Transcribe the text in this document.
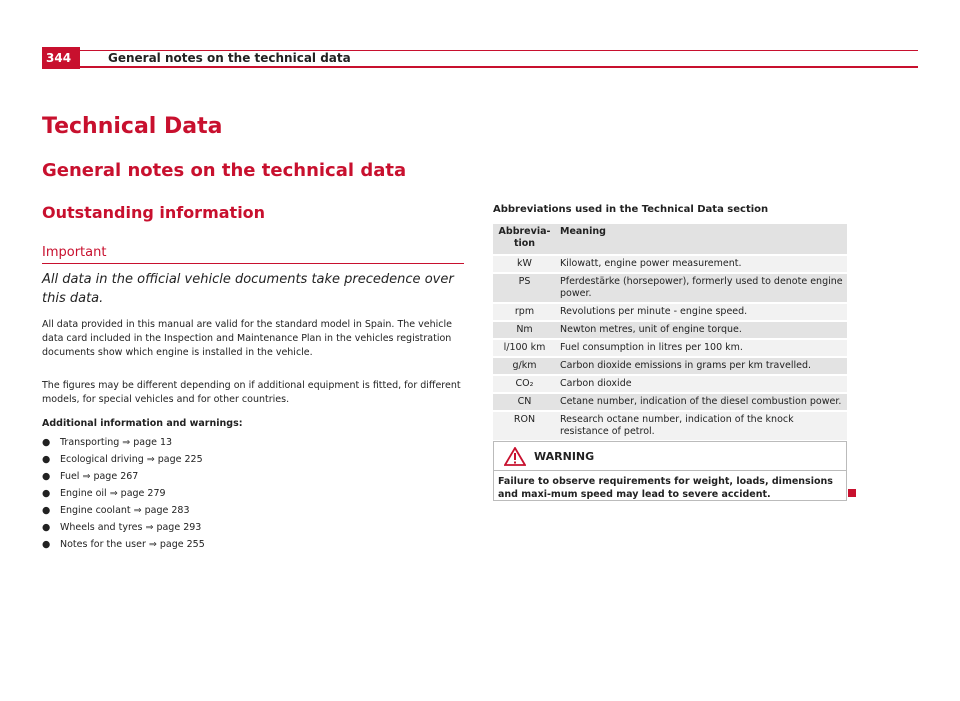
344	General notes on the technical data
Technical Data
General notes on the technical data
Outstanding information
Important
All data in the official vehicle documents take precedence over this data.
All data provided in this manual are valid for the standard model in Spain. The vehicle data card included in the Inspection and Maintenance Plan in the vehicles registration documents show which engine is installed in the vehicle.
The figures may be different depending on if additional equipment is fitted, for different models, for special vehicles and for other countries.
Additional information and warnings:
● Transporting ⇒ page 13
● Ecological driving ⇒ page 225
● Fuel ⇒ page 267
● Engine oil ⇒ page 279
● Engine coolant ⇒ page 283
● Wheels and tyres ⇒ page 293
● Notes for the user ⇒ page 255
Abbreviations used in the Technical Data section
Abbrevia-tion	Meaning
kW	Kilowatt, engine power measurement.
PS	Pferdestärke (horsepower), formerly used to denote engine power.
rpm	Revolutions per minute - engine speed.
Nm	Newton metres, unit of engine torque.
l/100 km	Fuel consumption in litres per 100 km.
g/km	Carbon dioxide emissions in grams per km travelled.
CO₂	Carbon dioxide
CN	Cetane number, indication of the diesel combustion power.
RON	Research octane number, indication of the knock resistance of petrol.
WARNING
Failure to observe requirements for weight, loads, dimensions and maxi-mum speed may lead to severe accident.
